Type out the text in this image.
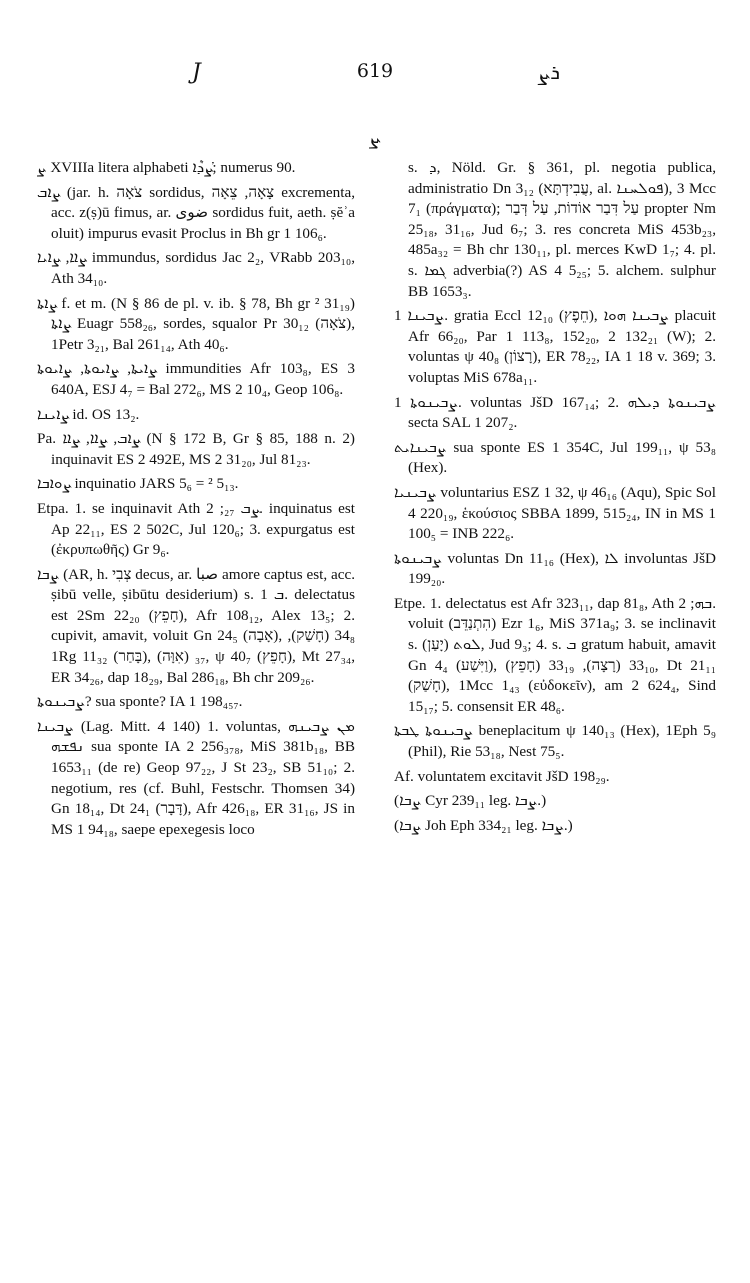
J	619	ܪܨ
ܨ

ܨ XVIIIa litera alphabeti ܨܳܕܶܐ; numerus 90.

ܨܐܒ (jar. h. צֹאָה sordidus, צָאָה, צֵאָה excrementa, acc. z(ṣ)ū fimus, ar. ضوى sordidus fuit, aeth. ṣĕʾa oluit) impurus evasit Proclus in Bh gr 1 106₆.

ܨܐܐ, ܨܐܝܐ immundus, sordidus Jac 2₂, VRabb 203₁₀, Ath 34₁₀.

ܨܐܬܐ f. et m. (N § 86 de pl. v. ib. § 78, Bh gr ² 31₁₉) ܨܐܬܐ Euagr 558₂₆, sordes, squalor Pr 30₁₂ (צֹאָה), 1Petr 3₂₁, Bal 261₁₄, Ath 40₆.

ܨܐܝܬܐ, ܨܐܝܘܬܐ, ܨܐܝܘܬܐ immundities Afr 103₈, ES 3 640A, ESJ 4₇ = Bal 272₆, MS 2 10₄, Geop 106₈.

ܨܐܝܢܐ id. OS 13₂.

Pa. ܨܐܒ, ܨܐܐ, ܨܐܐ (N § 172 B, Gr § 85, 188 n. 2) inquinavit ES 2 492E, MS 2 31₂₀, Jul 81₂₃.

ܨܘܐܒܐ inquinatio JARS 5₆ = ² 5₁₃.

Etpa. 1. se inquinavit Ath ܨܒ ₂₇; 2. inquinatus est Ap 22₁₁, ES 2 502C, Jul 120₆; 3. expurgatus est (ἐκρυπωθῆς) Gr 9₆.

ܨܒܐ (AR, h. צְבִי decus, ar. صبا amore captus est, acc. ṣibū velle, ṣibūtu desiderium) s. ܒ 1. delectatus est 2Sm 22₂₀ (חָפֵץ), Afr 108₁₂, Alex 13₅; 2. cupivit, amavit, voluit Gn 24₅ (אָבָה), 34₈ (חָשַׁק), 1Rg 11₃₂ (בָּחַר), ₃₇ (אִוָּה), ψ 40₇ (חָפֵץ), Mt 27₃₄, ER 34₂₆, dap 18₂₉, Bal 286₁₈, Bh chr 209₂₆.

ܨܒܝܢܘܬܐ? sua sponte? IA 1 198₄₅₇.

ܨܒܝܢܐ (Lag. Mitt. 4 140) 1. voluntas, ܡܢ ܨܒܝܢܗ ܢܦܫܗ sua sponte IA 2 256₃₇₈, MiS 381b₁₈, BB 1653₁₁ (de re) Geop 97₂₂, J St 23₂, SB 51₁₀; 2. negotium, res (cf. Buhl, Festschr. Thomsen 34) Gn 18₁₄, Dt 24₁ (דָּבָר), Afr 426₁₈, ER 31₁₆, JS in MS 1 94₁₈, saepe epexegesis loco

s. ܕ, Nöld. Gr. § 361, pl. negotia publica, administratio Dn 3₁₂ (עֲבִידְתָּא, al. ܦܘܠܚܢܐ), 3 Mcc 7₁ (πράγματα); עַל דִּבַר אוֹדוֹת, עַל דְּבַר propter Nm 25₁₈, 31₁₆, Jud 6₇; 3. res concreta MiS 453b₂₃, 485a₃₂ = Bh chr 130₁₁, pl. merces KwD 1₇; 4. pl. s. ܓܡܐ adverbia(?) AS 4 5₂₅; 5. alchem. sulphur BB 1653₃.

ܨܒܝܢܐ 1. gratia Eccl 12₁₀ (חֵפֶץ), ܨܒܝܢܐ ܗܘܐ placuit Afr 66₂₀, Par 1 113₈, 152₂₀, 2 132₂₁ (W); 2. voluntas ψ 40₈ (רָצוֹן), ER 78₂₂, IA 1 18 v. 369; 3. voluptas MiS 678a₁₁.

ܨܒܝܢܘܬܐ 1. voluntas JšD 167₁₄; 2. ܨܒܝܢܘܬܐ ܕܝܠܗ secta SAL 1 207₂.

ܨܒܝܢܐܝܬ sua sponte ES 1 354C, Jul 199₁₁, ψ 53₈ (Hex).

ܨܒܝܢܝܐ voluntarius ESZ 1 32, ψ 46₁₆ (Aqu), Spic Sol 4 220₁₉, ἑκούσιος SBBA 1899, 515₂₄, IN in MS 1 100₅ = INB 222₆.

ܨܒܝܢܘܬܐ voluntas Dn 11₁₆ (Hex), ܠܐ involuntas JšD 199₂₀.

Etpe. 1. delectatus est Afr 323₁₁, dap 81₈, Ath ܒܗ; 2. voluit (הִתְנַדֵּב) Ezr 1₆, MiS 371a₉; 3. se inclinavit s. ܠܘܬ (יָעַן), Jud 9₃; 4. s. ܒ gratum habuit, amavit Gn 4₄ (וַיִּשַׁע), 33₁₀ (רָצָה), 33₁₉ (חָפֵץ), Dt 21₁₁ (חָשַׁק), 1Mcc 1₄₃ (εὐδοκεῖν), am 2 624₄, Sind 15₁₇; 5. consensit ER 48₆.

ܨܒܝܢܘܬܐ ܛܒܬܐ beneplacitum ψ 140₁₃ (Hex), 1Eph 5₉ (Phil), Rie 53₁₈, Nest 75₅.

Af. voluntatem excitavit JšD 198₂₉.

(ܨܒܐ Cyr 239₁₁ leg. ܨܒܐ.)

(ܨܒܐ Joh Eph 334₂₁ leg. ܨܒܐ.)
